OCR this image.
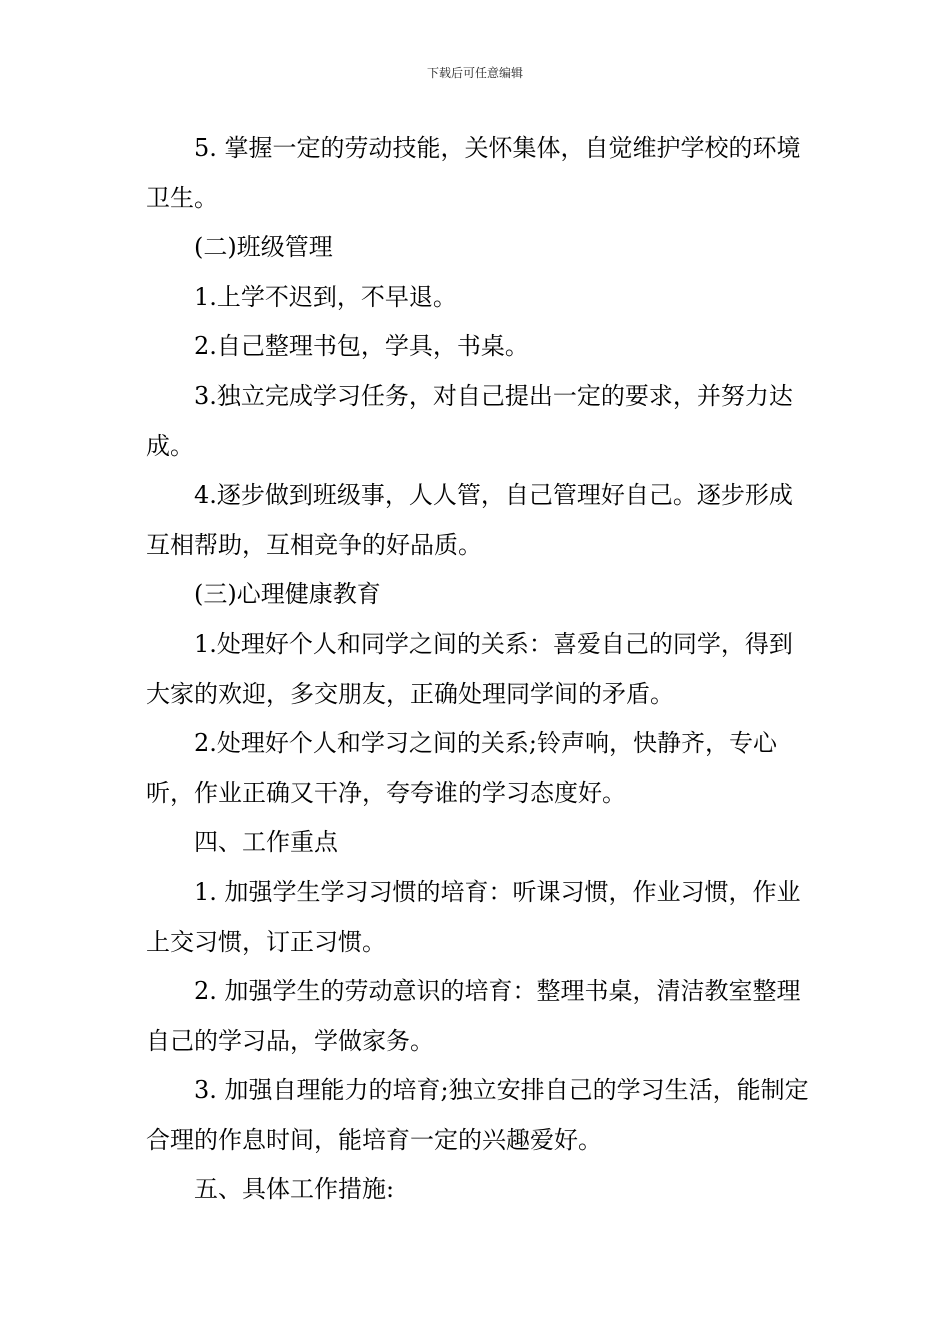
下载后可任意编辑

5. 掌握一定的劳动技能，关怀集体，自觉维护学校的环境卫生。

(二)班级管理

1.上学不迟到，不早退。

2.自己整理书包，学具，书桌。

3.独立完成学习任务，对自己提出一定的要求，并努力达成。

4.逐步做到班级事，人人管，自己管理好自己。逐步形成互相帮助，互相竞争的好品质。

(三)心理健康教育

1.处理好个人和同学之间的关系：喜爱自己的同学，得到大家的欢迎，多交朋友，正确处理同学间的矛盾。

2.处理好个人和学习之间的关系;铃声响，快静齐，专心听，作业正确又干净，夸夸谁的学习态度好。

四、工作重点

1. 加强学生学习习惯的培育：听课习惯，作业习惯，作业上交习惯，订正习惯。

2. 加强学生的劳动意识的培育：整理书桌，清洁教室整理 自己的学习品，学做家务。

3. 加强自理能力的培育;独立安排自己的学习生活，能制定合理的作息时间，能培育一定的兴趣爱好。

五、具体工作措施:
